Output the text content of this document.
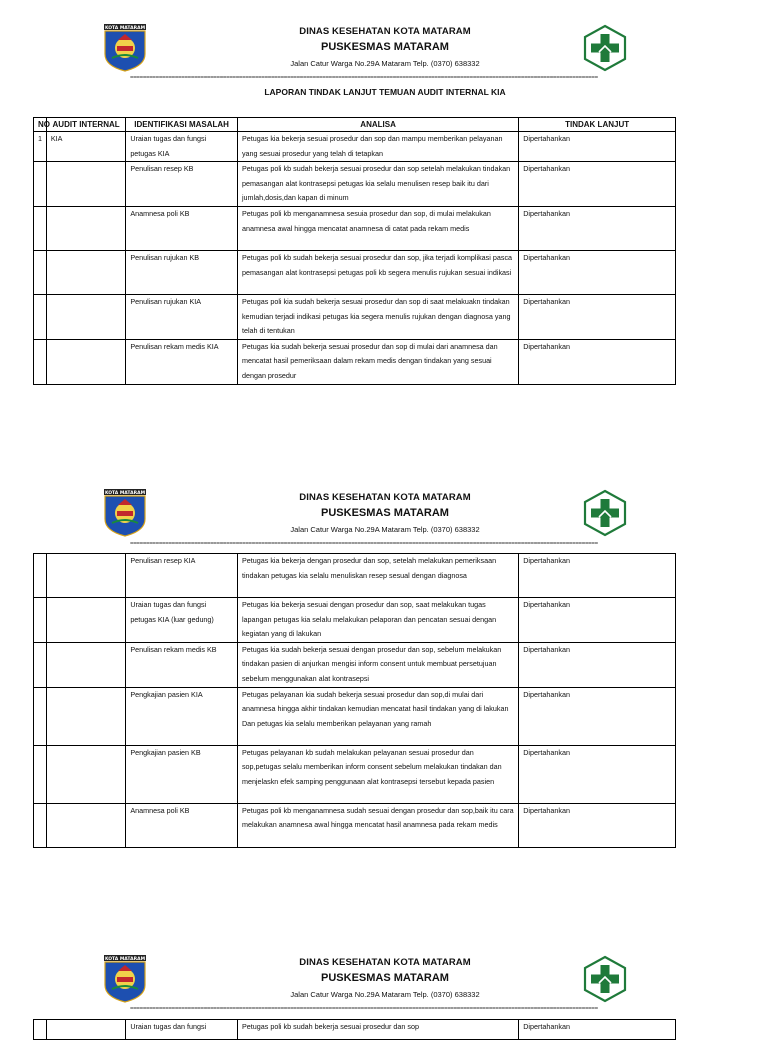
KOTA MATARAM	DINAS KESEHATAN KOTA MATARAM
PUSKESMAS MATARAM
Jalan Catur Warga No.29A Mataram Telp. (0370) 638332
==================================================================================================================================================
LAPORAN TINDAK LANJUT TEMUAN AUDIT INTERNAL KIA
NO	AUDIT INTERNAL	IDENTIFIKASI MASALAH	ANALISA	TINDAK LANJUT
1	KIA	Uraian tugas dan fungsi petugas KIA	Petugas kia bekerja sesuai prosedur dan sop dan mampu memberikan pelayanan yang sesuai prosedur yang telah di tetapkan	Dipertahankan
		Penulisan resep KB	Petugas poli kb sudah bekerja sesuai prosedur dan sop setelah melakukan tindakan pemasangan alat kontrasepsi petugas kia selalu menulisen resep baik itu dari jumlah,dosis,dan kapan di minum	Dipertahankan
		Anamnesa poli KB	Petugas poli kb menganamnesa sesuia prosedur dan sop, di mulai melakukan anamnesa awal hingga mencatat anamnesa di catat pada rekam medis	Dipertahankan
		Penulisan rujukan KB	Petugas poli kb sudah bekerja sesuai prosedur dan sop, jika terjadi komplikasi pasca pemasangan alat kontrasepsi petugas poli kb segera menulis rujukan sesuai indikasi	Dipertahankan
		Penulisan rujukan KIA	Petugas poli kia sudah bekerja sesuai prosedur dan sop di saat melakuakn tindakan kemudian terjadi indikasi petugas kia segera menulis rujukan dengan diagnosa yang telah di tentukan	Dipertahankan
		Penulisan rekam medis KIA	Petugas kia sudah bekerja sesuai prosedur dan sop di mulai dari anamnesa dan mencatat hasil pemeriksaan dalam rekam medis dengan tindakan yang sesuai dengan prosedur	Dipertahankan
KOTA MATARAM	DINAS KESEHATAN KOTA MATARAM
PUSKESMAS MATARAM
Jalan Catur Warga No.29A Mataram Telp. (0370) 638332
==================================================================================================================================================
		Penulisan resep KIA	Petugas kia bekerja dengan prosedur dan sop, setelah melakukan pemeriksaan tindakan petugas kia selalu menuliskan resep sesual dengan diagnosa	Dipertahankan
		Uraian tugas dan fungsi petugas KIA (luar gedung)	Petugas kia bekerja sesuai dengan prosedur dan sop, saat melakukan tugas lapangan petugas kia selalu melakukan pelaporan dan pencatan sesuai dengan kegiatan yang di lakukan	Dipertahankan
		Penulisan rekam medis KB	Petugas kia sudah bekerja sesuai dengan prosedur dan sop, sebelum melakukan tindakan pasien di anjurkan mengisi inform consent untuk membuat persetujuan sebelum menggunakan alat kontrasepsi	Dipertahankan
		Pengkajian pasien KIA	Petugas pelayanan kia sudah bekerja sesuai prosedur dan sop,di mulai dari anamnesa hingga akhir tindakan kemudian mencatat hasil tindakan yang di lakukan Dan petugas kia selalu memberikan pelayanan yang ramah	Dipertahankan
		Pengkajian pasien KB	Petugas pelayanan kb sudah melakukan pelayanan sesuai prosedur dan sop,petugas selalu memberikan inform consent sebelum melakukan tindakan dan menjelaskn efek samping penggunaan alat kontrasepsi tersebut kepada pasien	Dipertahankan
		Anamnesa poli KB	Petugas poli kb menganamnesa sudah sesuai dengan prosedur dan sop,baik itu cara melakukan anamnesa awal hingga mencatat hasil anamnesa pada rekam medis	Dipertahankan
KOTA MATARAM	DINAS KESEHATAN KOTA MATARAM
PUSKESMAS MATARAM
Jalan Catur Warga No.29A Mataram Telp. (0370) 638332
==================================================================================================================================================
		Uraian tugas dan fungsi	Petugas poli kb sudah bekerja sesuai prosedur dan sop	Dipertahankan
